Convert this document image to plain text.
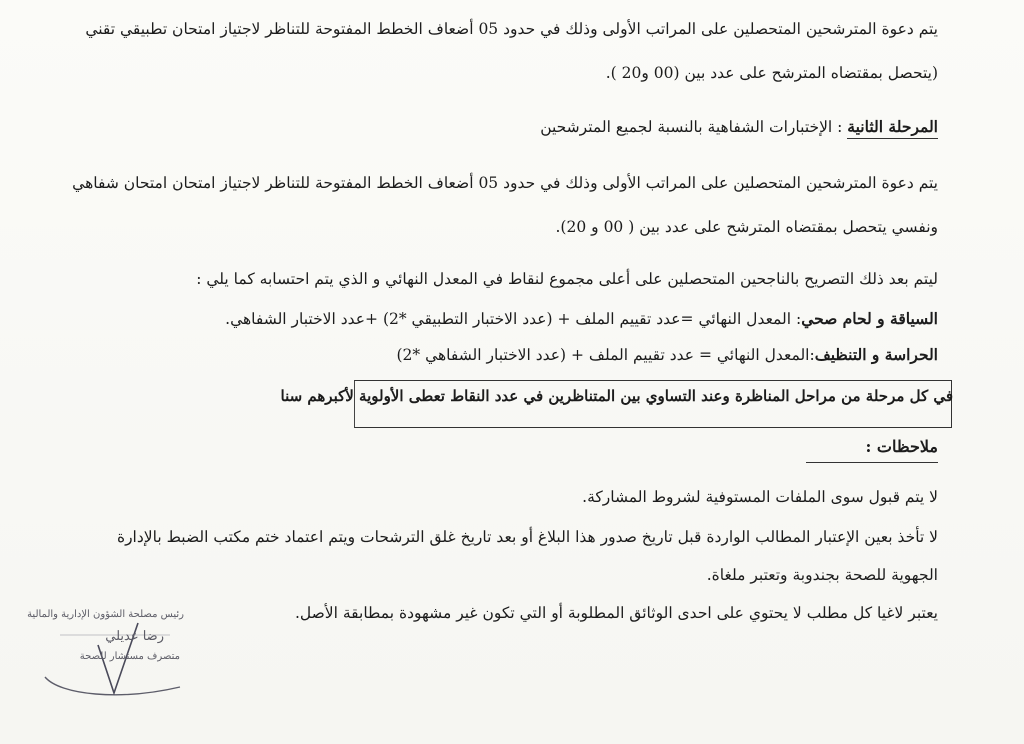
يتم دعوة المترشحين المتحصلين على المراتب الأولى وذلك في حدود 05 أضعاف الخطط المفتوحة للتناظر لاجتياز امتحان تطبيقي تقني
(يتحصل بمقتضاه المترشح على عدد بين (00 و20 ).
المرحلة الثانية : الإختبارات الشفاهية بالنسبة لجميع المترشحين
يتم دعوة المترشحين المتحصلين على المراتب الأولى وذلك في حدود 05 أضعاف الخطط المفتوحة للتناظر لاجتياز امتحان امتحان شفاهي
ونفسي يتحصل بمقتضاه المترشح على عدد بين ( 00 و 20).
ليتم بعد ذلك التصريح بالناجحين المتحصلين على أعلى مجموع لنقاط في المعدل النهائي و الذي يتم احتسابه كما يلي :
السياقة و لحام صحي: المعدل النهائي =عدد تقييم الملف + (عدد الاختبار التطبيقي *2) +عدد الاختبار الشفاهي.
الحراسة و التنظيف:المعدل النهائي = عدد تقييم الملف + (عدد الاختبار الشفاهي *2)
في كل مرحلة من مراحل المناظرة وعند التساوي بين المتناظرين في عدد النقاط تعطى الأولوية لأكبرهم سنا
ملاحظات :
لا يتم قبول سوى الملفات المستوفية لشروط المشاركة.
لا تأخذ بعين الإعتبار المطالب الواردة قبل تاريخ صدور هذا البلاغ أو بعد تاريخ غلق الترشحات ويتم اعتماد ختم مكتب الضبط بالإدارة
الجهوية للصحة بجندوبة وتعتبر ملغاة.
يعتبر لاغيا كل مطلب لا يحتوي على احدى الوثائق المطلوبة أو التي تكون غير مشهودة بمطابقة الأصل.
رئيس مصلحة الشؤون الإدارية والمالية
رضا عديلي
متصرف مستشار للصحة
